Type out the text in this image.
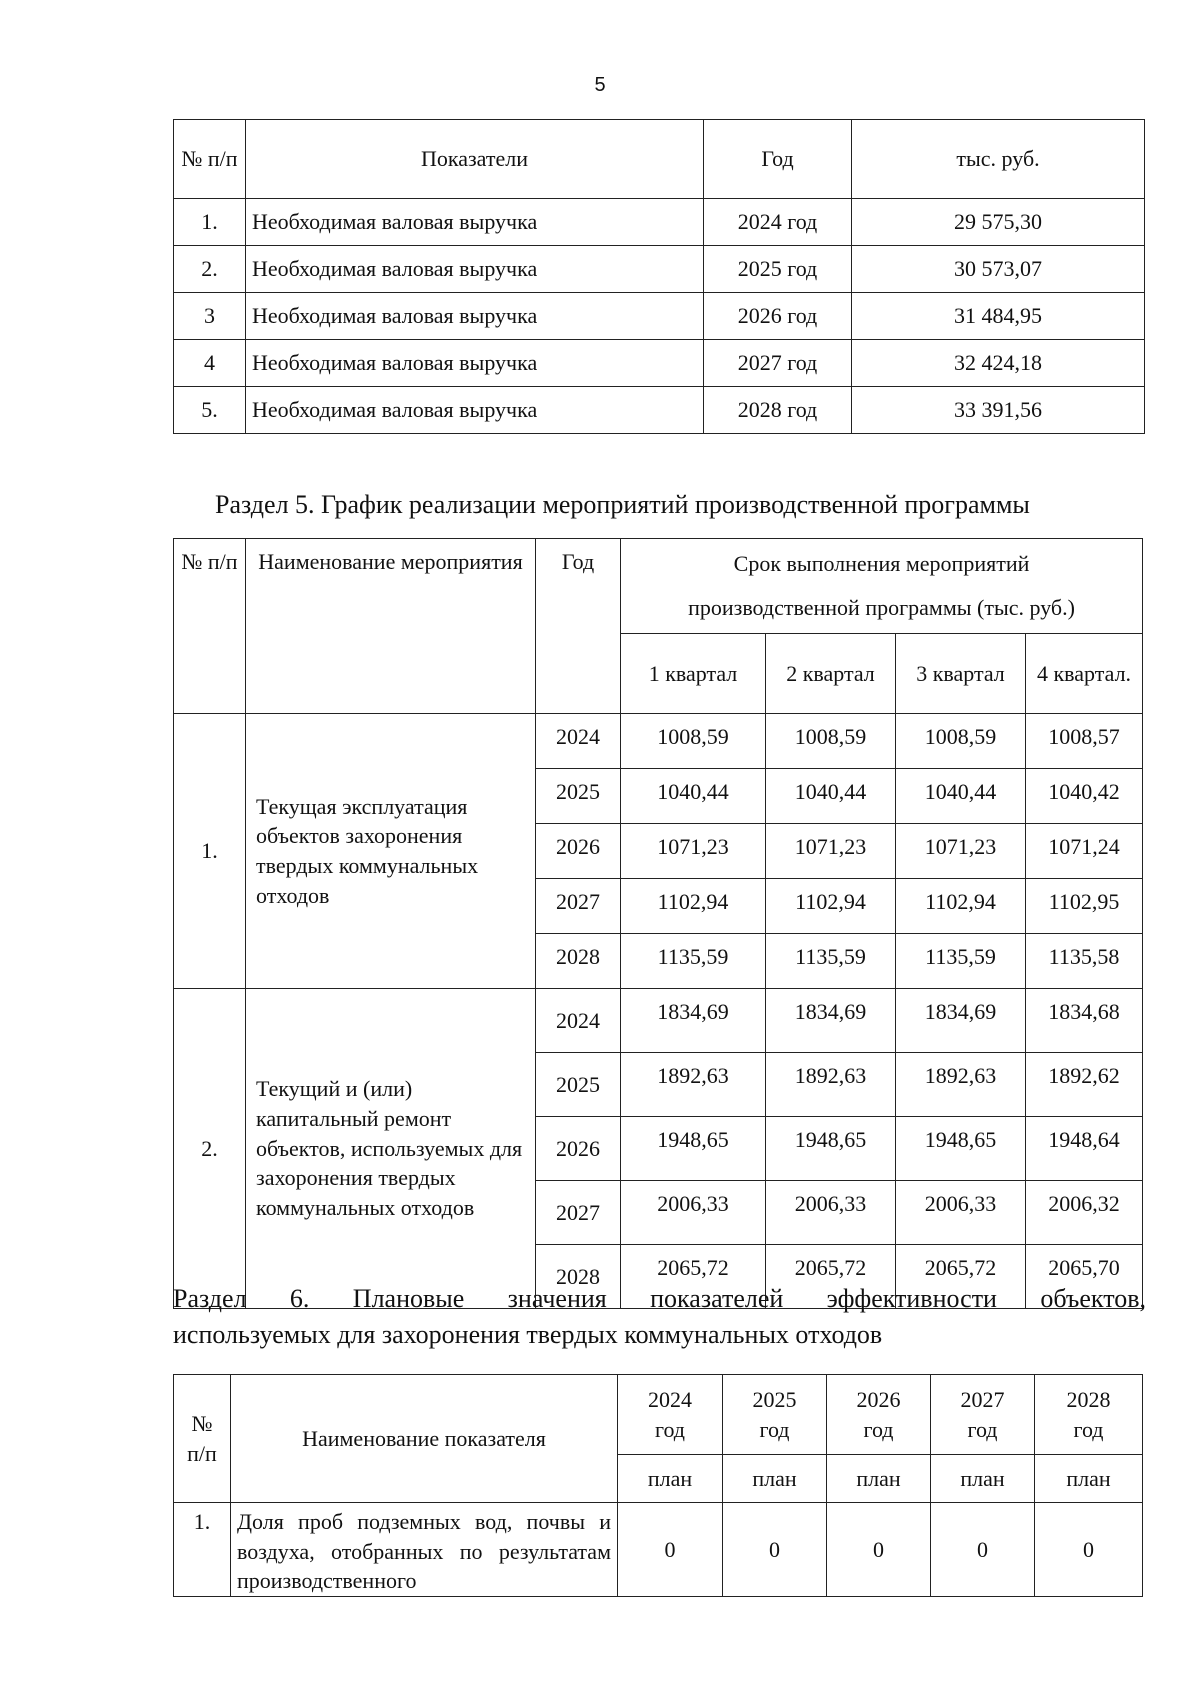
5
№ п/п	Показатели	Год	тыс. руб.
1.	Необходимая валовая выручка	2024 год	29 575,30
2.	Необходимая валовая выручка	2025 год	30 573,07
3	Необходимая валовая выручка	2026 год	31 484,95
4	Необходимая валовая выручка	2027 год	32 424,18
5.	Необходимая валовая выручка	2028 год	33 391,56
Раздел 5. График реализации мероприятий производственной программы
№ п/п	Наименование мероприятия	Год	Срок выполнения мероприятий производственной программы (тыс. руб.)			
			1 квартал	2 квартал	3 квартал	4 квартал.
1.	Текущая эксплуатация объектов захоронения твердых коммунальных отходов	2024	1008,59	1008,59	1008,59	1008,57
		2025	1040,44	1040,44	1040,44	1040,42
		2026	1071,23	1071,23	1071,23	1071,24
		2027	1102,94	1102,94	1102,94	1102,95
		2028	1135,59	1135,59	1135,59	1135,58
2.	Текущий и (или) капитальный ремонт объектов, используемых для захоронения твердых коммунальных отходов	2024	1834,69	1834,69	1834,69	1834,68
		2025	1892,63	1892,63	1892,63	1892,62
		2026	1948,65	1948,65	1948,65	1948,64
		2027	2006,33	2006,33	2006,33	2006,32
		2028	2065,72	2065,72	2065,72	2065,70
Раздел 6. Плановые значения показателей эффективности объектов,
используемых для захоронения твердых коммунальных отходов
№ п/п	Наименование показателя	2024 год	2025 год	2026 год	2027 год	2028 год
		план	план	план	план	план
1.	Доля проб подземных вод, почвы и воздуха, отобранных по результатам производственного	0	0	0	0	0
